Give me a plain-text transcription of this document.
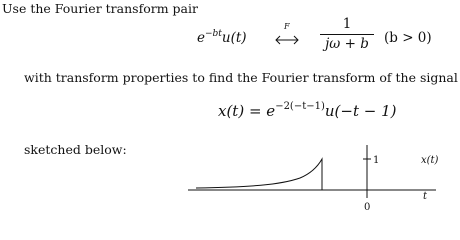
Use the Fourier transform pair
$e^{-bt}u(t)$
F	1
jω + b	(b > 0)
with transform properties to find the Fourier transform of the signal
$x(t) = e^{-2(-t-1)}u(-t - 1)$
sketched below:
1	x(t)
t
0
